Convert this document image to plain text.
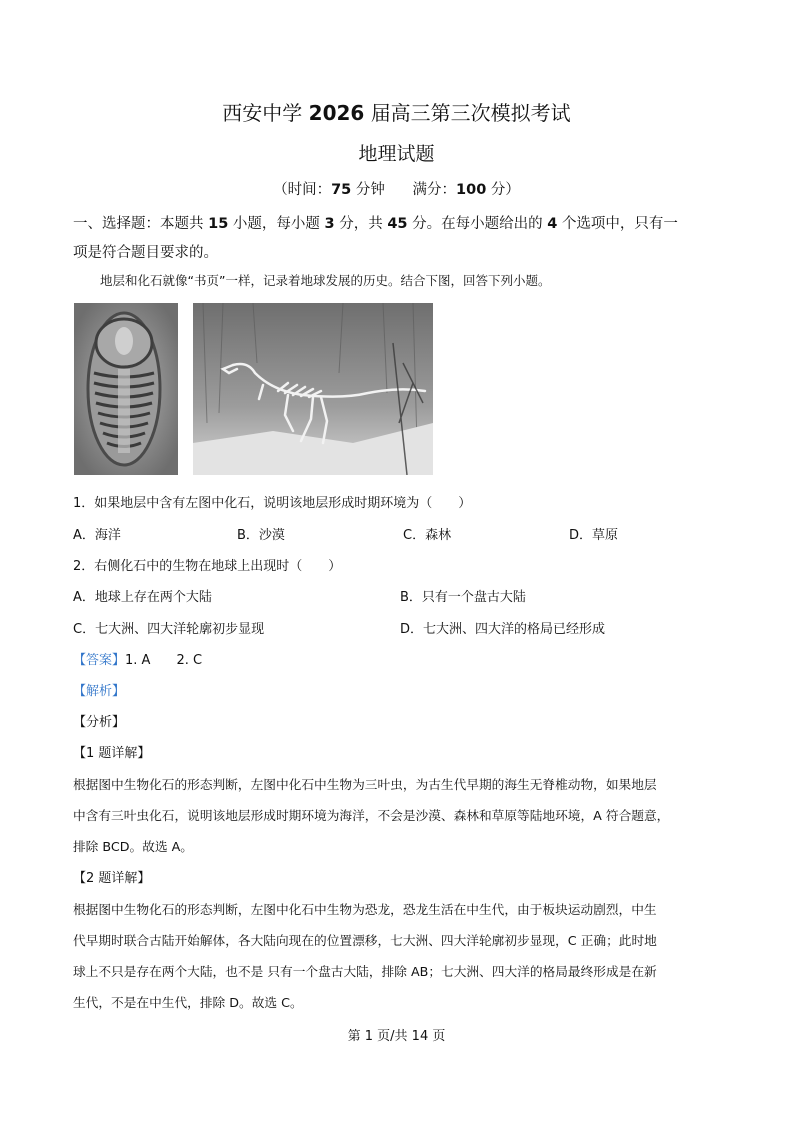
西安中学 2026 届高三第三次模拟考试
地理试题
（时间：75 分钟 满分：100 分）
一、选择题：本题共 15 小题，每小题 3 分，共 45 分。在每小题给出的 4 个选项中，只有一
项是符合题目要求的。
地层和化石就像“书页”一样，记录着地球发展的历史。结合下图，回答下列小题。
1．如果地层中含有左图中化石，说明该地层形成时期环境为（　　）
A．海洋	B．沙漠	C．森林	D．草原
2．右侧化石中的生物在地球上出现时（　　）
A．地球上存在两个大陆	B．只有一个盘古大陆
C．七大洲、四大洋轮廓初步显现	D．七大洲、四大洋的格局已经形成
【答案】1. A　　2. C
【解析】
【分析】
【1 题详解】
根据图中生物化石的形态判断，左图中化石中生物为三叶虫，为古生代早期的海生无脊椎动物，如果地层
中含有三叶虫化石，说明该地层形成时期环境为海洋，不会是沙漠、森林和草原等陆地环境，A 符合题意，
排除 BCD。故选 A。
【2 题详解】
根据图中生物化石的形态判断，左图中化石中生物为恐龙，恐龙生活在中生代，由于板块运动剧烈，中生
代早期时联合古陆开始解体，各大陆向现在的位置漂移，七大洲、四大洋轮廓初步显现，C 正确；此时地
球上不只是存在两个大陆，也不是 只有一个盘古大陆，排除 AB；七大洲、四大洋的格局最终形成是在新
生代，不是在中生代，排除 D。故选 C。
第 1 页/共 14 页
